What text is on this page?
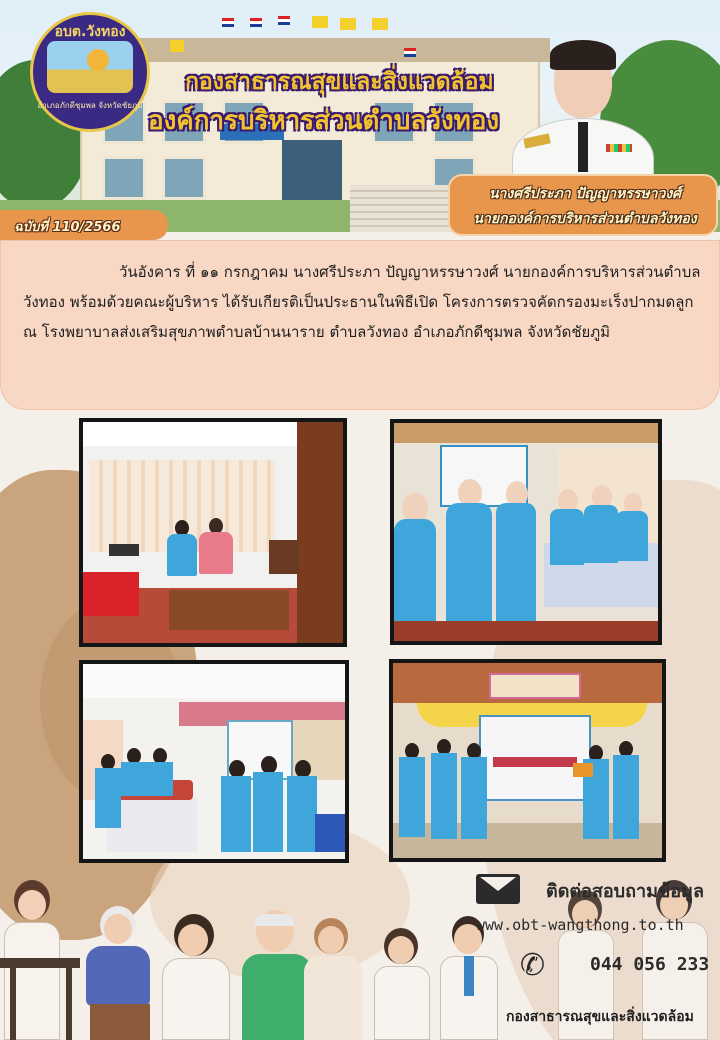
อบต.วังทอง
อำเภอภักดีชุมพล จังหวัดชัยภูมิ
กองสาธารณสุขและสิ่งแวดล้อม
องค์การบริหารส่วนตำบลวังทอง
นางศรีประภา ปัญญาหรรษาวงศ์
นายกองค์การบริหารส่วนตำบลวังทอง
ฉบับที่ 110/2566

วันอังคาร ที่ ๑๑ กรกฎาคม นางศรีประภา ปัญญาหรรษาวงศ์ นายกองค์การบริหารส่วนตำบลวังทอง พร้อมด้วยคณะผู้บริหาร ได้รับเกียรติเป็นประธานในพิธีเปิด โครงการตรวจคัดกรองมะเร็งปากมดลูก ณ โรงพยาบาลส่งเสริมสุขภาพตำบลบ้านนาราย ตำบลวังทอง อำเภอภักดีชุมพล จังหวัดชัยภูมิ

ติดต่อสอบถามข้อมูล
www.obt-wangthong.to.th
✆ 044 056 233
กองสาธารณสุขและสิ่งแวดล้อม
